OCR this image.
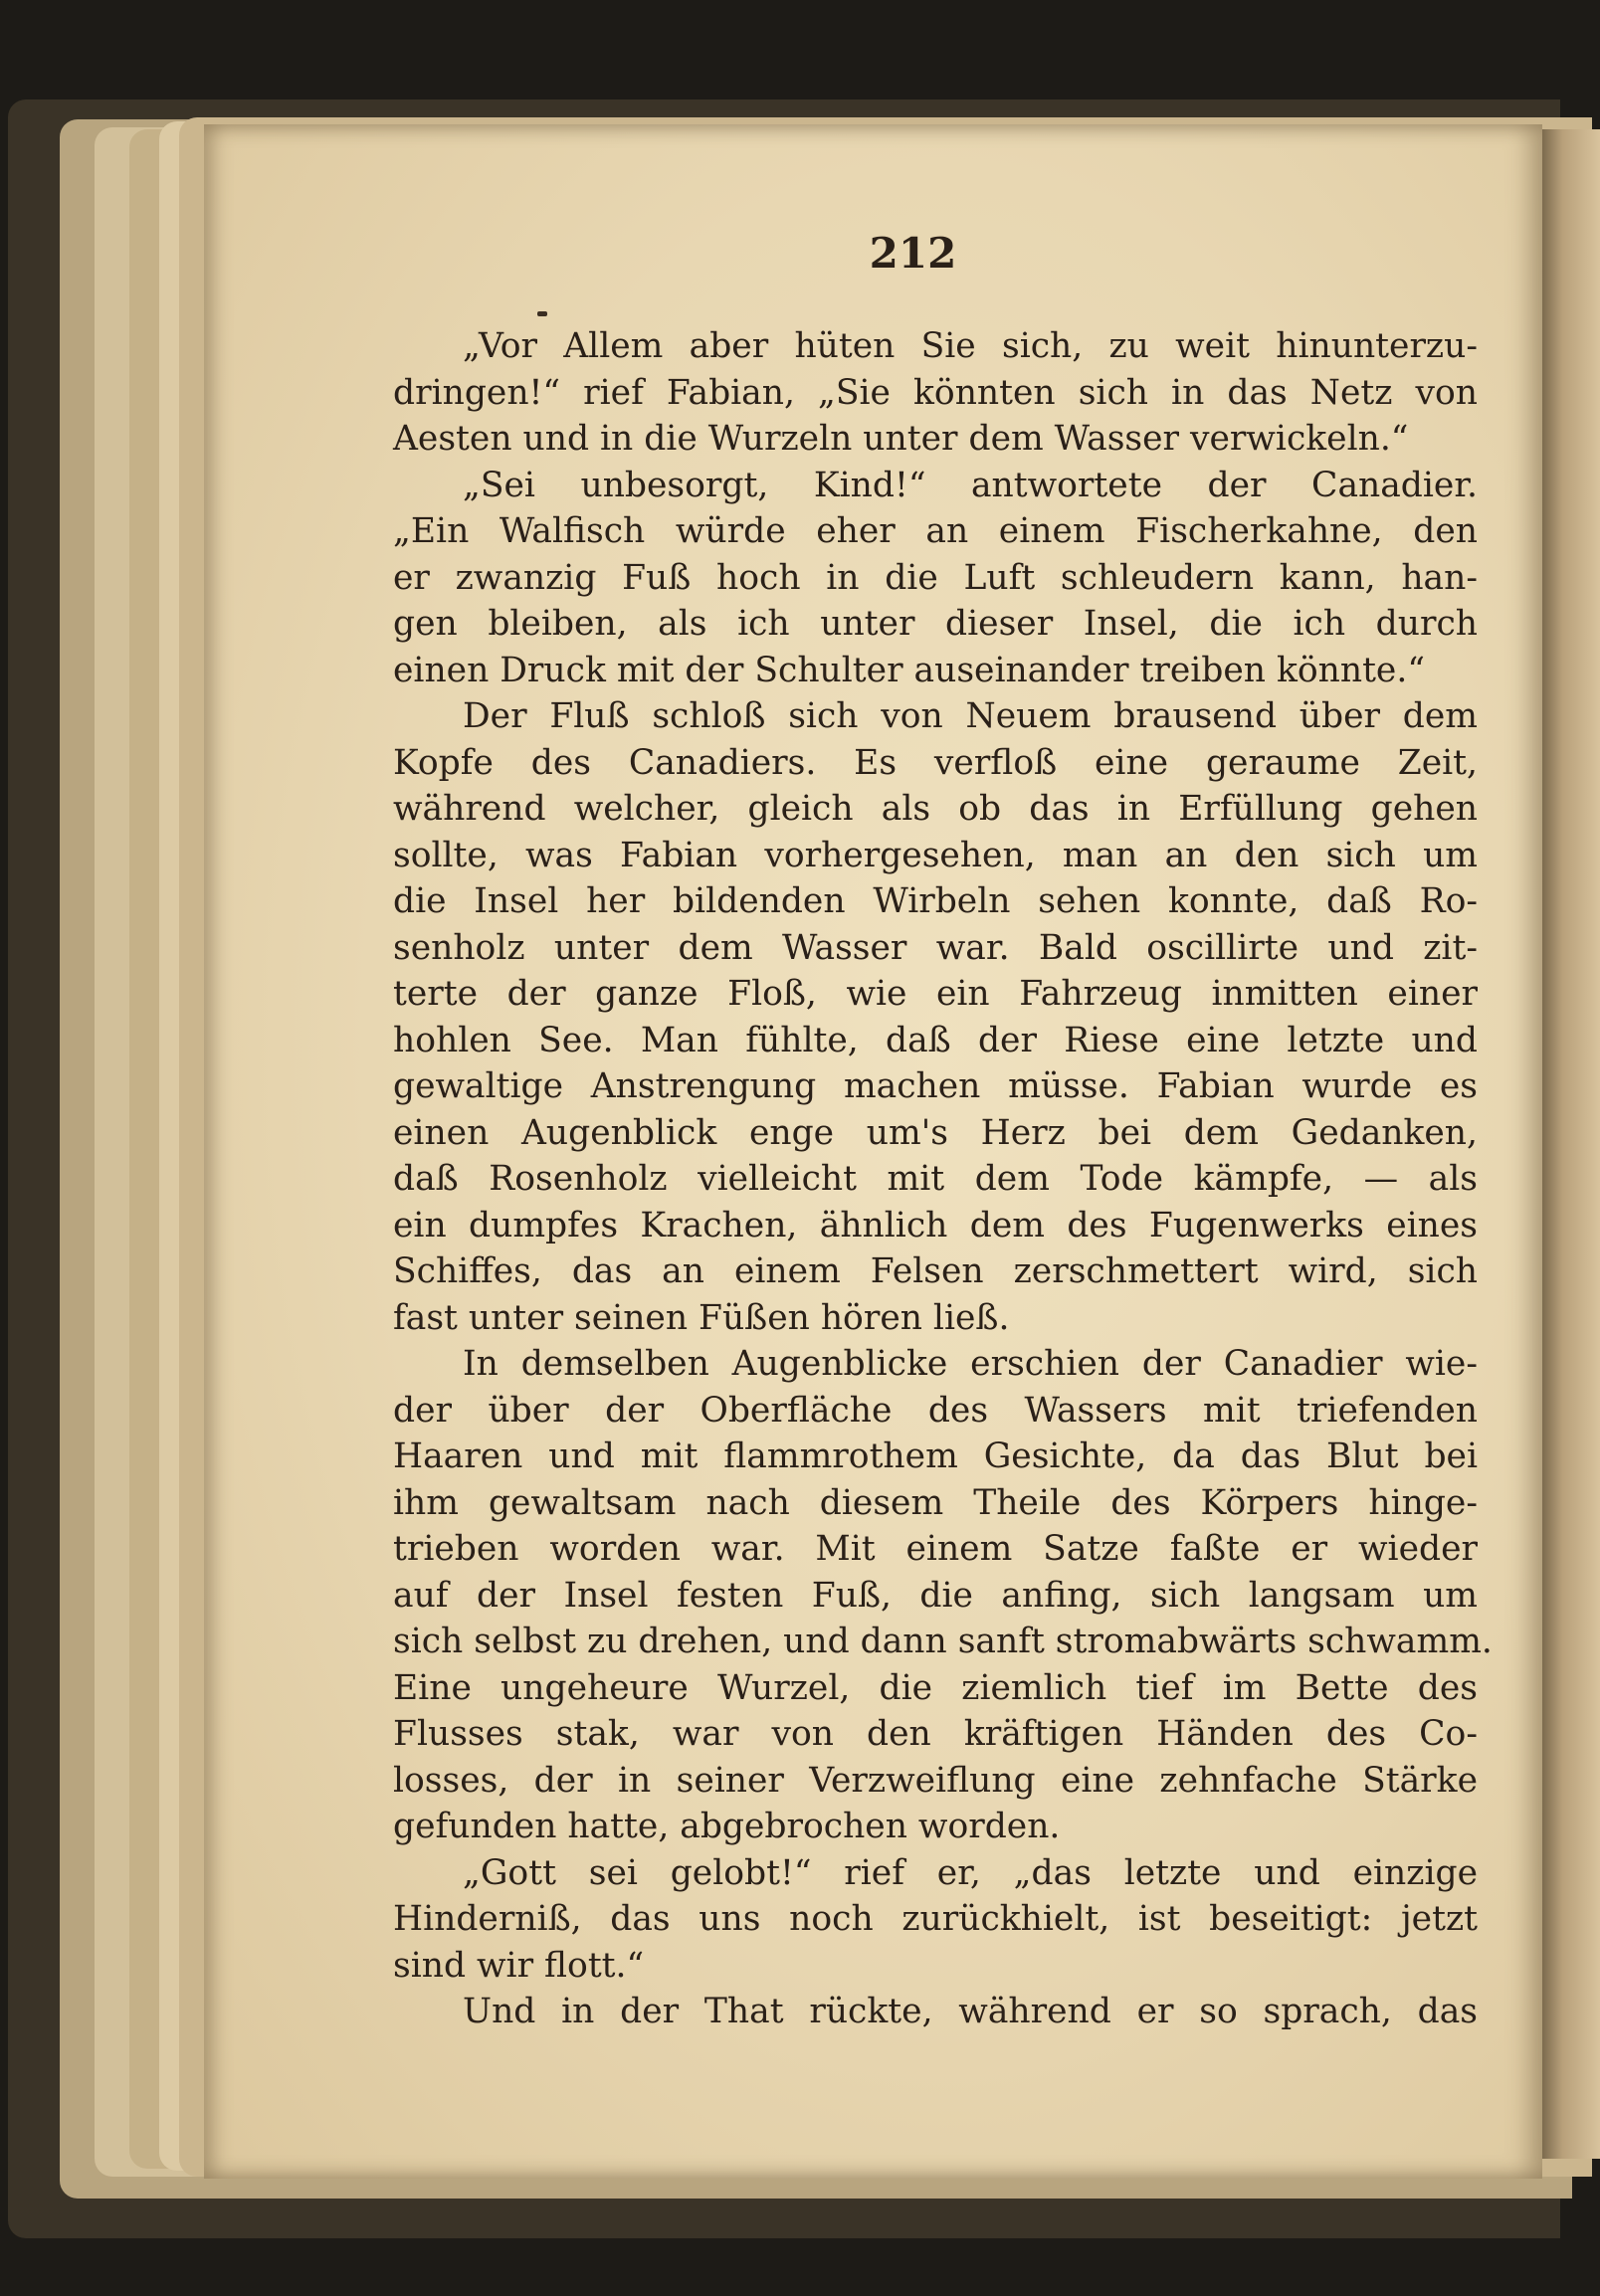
212
„Vor Allem aber hüten Sie sich, zu weit hinunterzu-
dringen!“ rief Fabian, „Sie könnten sich in das Netz von
Aesten und in die Wurzeln unter dem Wasser verwickeln.“
„Sei unbesorgt, Kind!“ antwortete der Canadier.
„Ein Walfisch würde eher an einem Fischerkahne, den
er zwanzig Fuß hoch in die Luft schleudern kann, han-
gen bleiben, als ich unter dieser Insel, die ich durch
einen Druck mit der Schulter auseinander treiben könnte.“
Der Fluß schloß sich von Neuem brausend über dem
Kopfe des Canadiers. Es verfloß eine geraume Zeit,
während welcher, gleich als ob das in Erfüllung gehen
sollte, was Fabian vorhergesehen, man an den sich um
die Insel her bildenden Wirbeln sehen konnte, daß Ro-
senholz unter dem Wasser war. Bald oscillirte und zit-
terte der ganze Floß, wie ein Fahrzeug inmitten einer
hohlen See. Man fühlte, daß der Riese eine letzte und
gewaltige Anstrengung machen müsse. Fabian wurde es
einen Augenblick enge um's Herz bei dem Gedanken,
daß Rosenholz vielleicht mit dem Tode kämpfe, — als
ein dumpfes Krachen, ähnlich dem des Fugenwerks eines
Schiffes, das an einem Felsen zerschmettert wird, sich
fast unter seinen Füßen hören ließ.
In demselben Augenblicke erschien der Canadier wie-
der über der Oberfläche des Wassers mit triefenden
Haaren und mit flammrothem Gesichte, da das Blut bei
ihm gewaltsam nach diesem Theile des Körpers hinge-
trieben worden war. Mit einem Satze faßte er wieder
auf der Insel festen Fuß, die anfing, sich langsam um
sich selbst zu drehen, und dann sanft stromabwärts schwamm.
Eine ungeheure Wurzel, die ziemlich tief im Bette des
Flusses stak, war von den kräftigen Händen des Co-
losses, der in seiner Verzweiflung eine zehnfache Stärke
gefunden hatte, abgebrochen worden.
„Gott sei gelobt!“ rief er, „das letzte und einzige
Hinderniß, das uns noch zurückhielt, ist beseitigt: jetzt
sind wir flott.“
Und in der That rückte, während er so sprach, das
